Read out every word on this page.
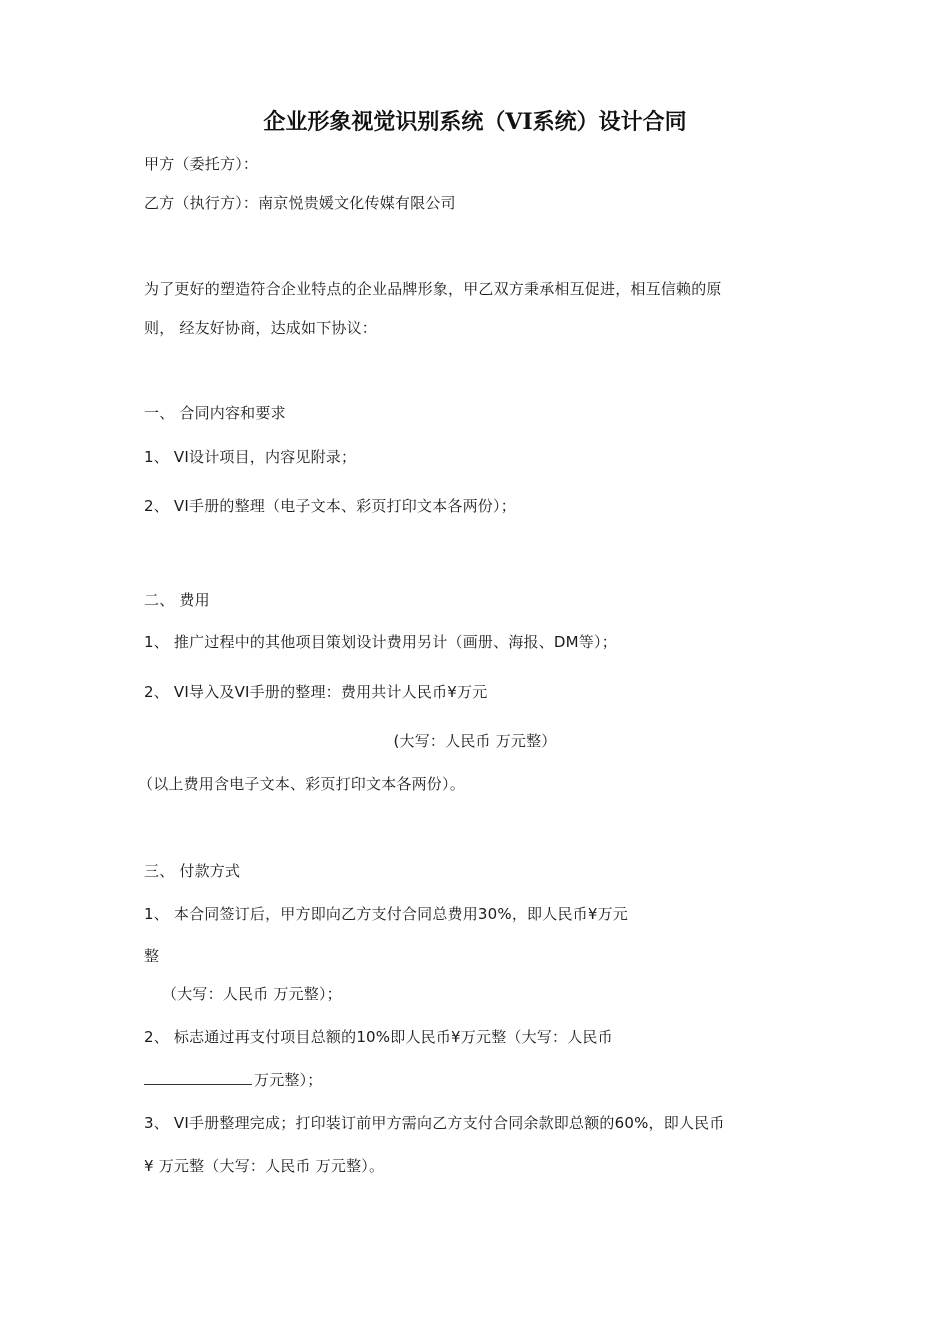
企业形象视觉识别系统（VI系统）设计合同
甲方（委托方）：
乙方（执行方）：南京悦贵媛文化传媒有限公司
为了更好的塑造符合企业特点的企业品牌形象，甲乙双方秉承相互促进，相互信赖的原
则， 经友好协商，达成如下协议：
一、 合同内容和要求
1、 VI设计项目，内容见附录；
2、 VI手册的整理（电子文本、彩页打印文本各两份）；
二、 费用
1、 推广过程中的其他项目策划设计费用另计（画册、海报、DM等）；
2、 VI导入及VI手册的整理：费用共计人民币¥万元
(大写：人民币 万元整）
（以上费用含电子文本、彩页打印文本各两份）。
三、 付款方式
1、 本合同签订后，甲方即向乙方支付合同总费用30%，即人民币¥万元
整
（大写：人民币 万元整）；
2、 标志通过再支付项目总额的10%即人民币¥万元整（大写：人民币
万元整）；
3、 VI手册整理完成；打印装订前甲方需向乙方支付合同余款即总额的60%，即人民币
¥ 万元整（大写：人民币 万元整）。
